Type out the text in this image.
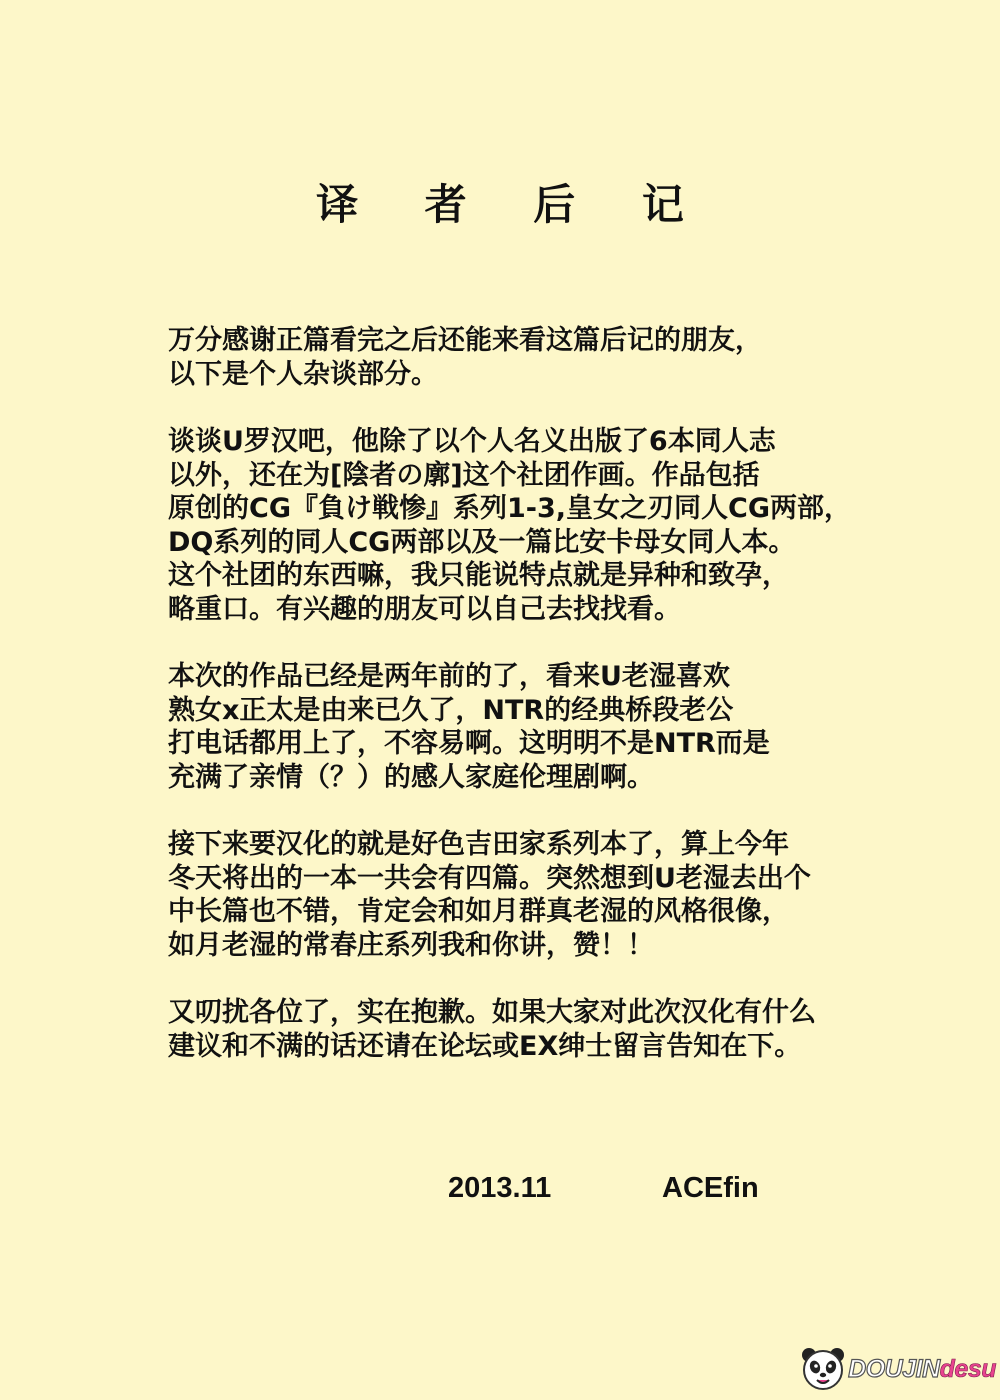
译 者 后 记
万分感谢正篇看完之后还能来看这篇后记的朋友，
以下是个人杂谈部分。
谈谈U罗汉吧，他除了以个人名义出版了6本同人志
以外，还在为[陰者の廓]这个社团作画。作品包括
原创的CG『負け戦惨』系列1-3,皇女之刃同人CG两部，
DQ系列的同人CG两部以及一篇比安卡母女同人本。
这个社团的东西嘛，我只能说特点就是异种和致孕，
略重口。有兴趣的朋友可以自己去找找看。
本次的作品已经是两年前的了，看来U老湿喜欢
熟女x正太是由来已久了，NTR的经典桥段老公
打电话都用上了，不容易啊。这明明不是NTR而是
充满了亲情（？）的感人家庭伦理剧啊。
接下来要汉化的就是好色吉田家系列本了，算上今年
冬天将出的一本一共会有四篇。突然想到U老湿去出个
中长篇也不错，肯定会和如月群真老湿的风格很像，
如月老湿的常春庄系列我和你讲，赞！！
又叨扰各位了，实在抱歉。如果大家对此次汉化有什么
建议和不满的话还请在论坛或EX绅士留言告知在下。
2013.11	ACEfin
DOUJINdesu
